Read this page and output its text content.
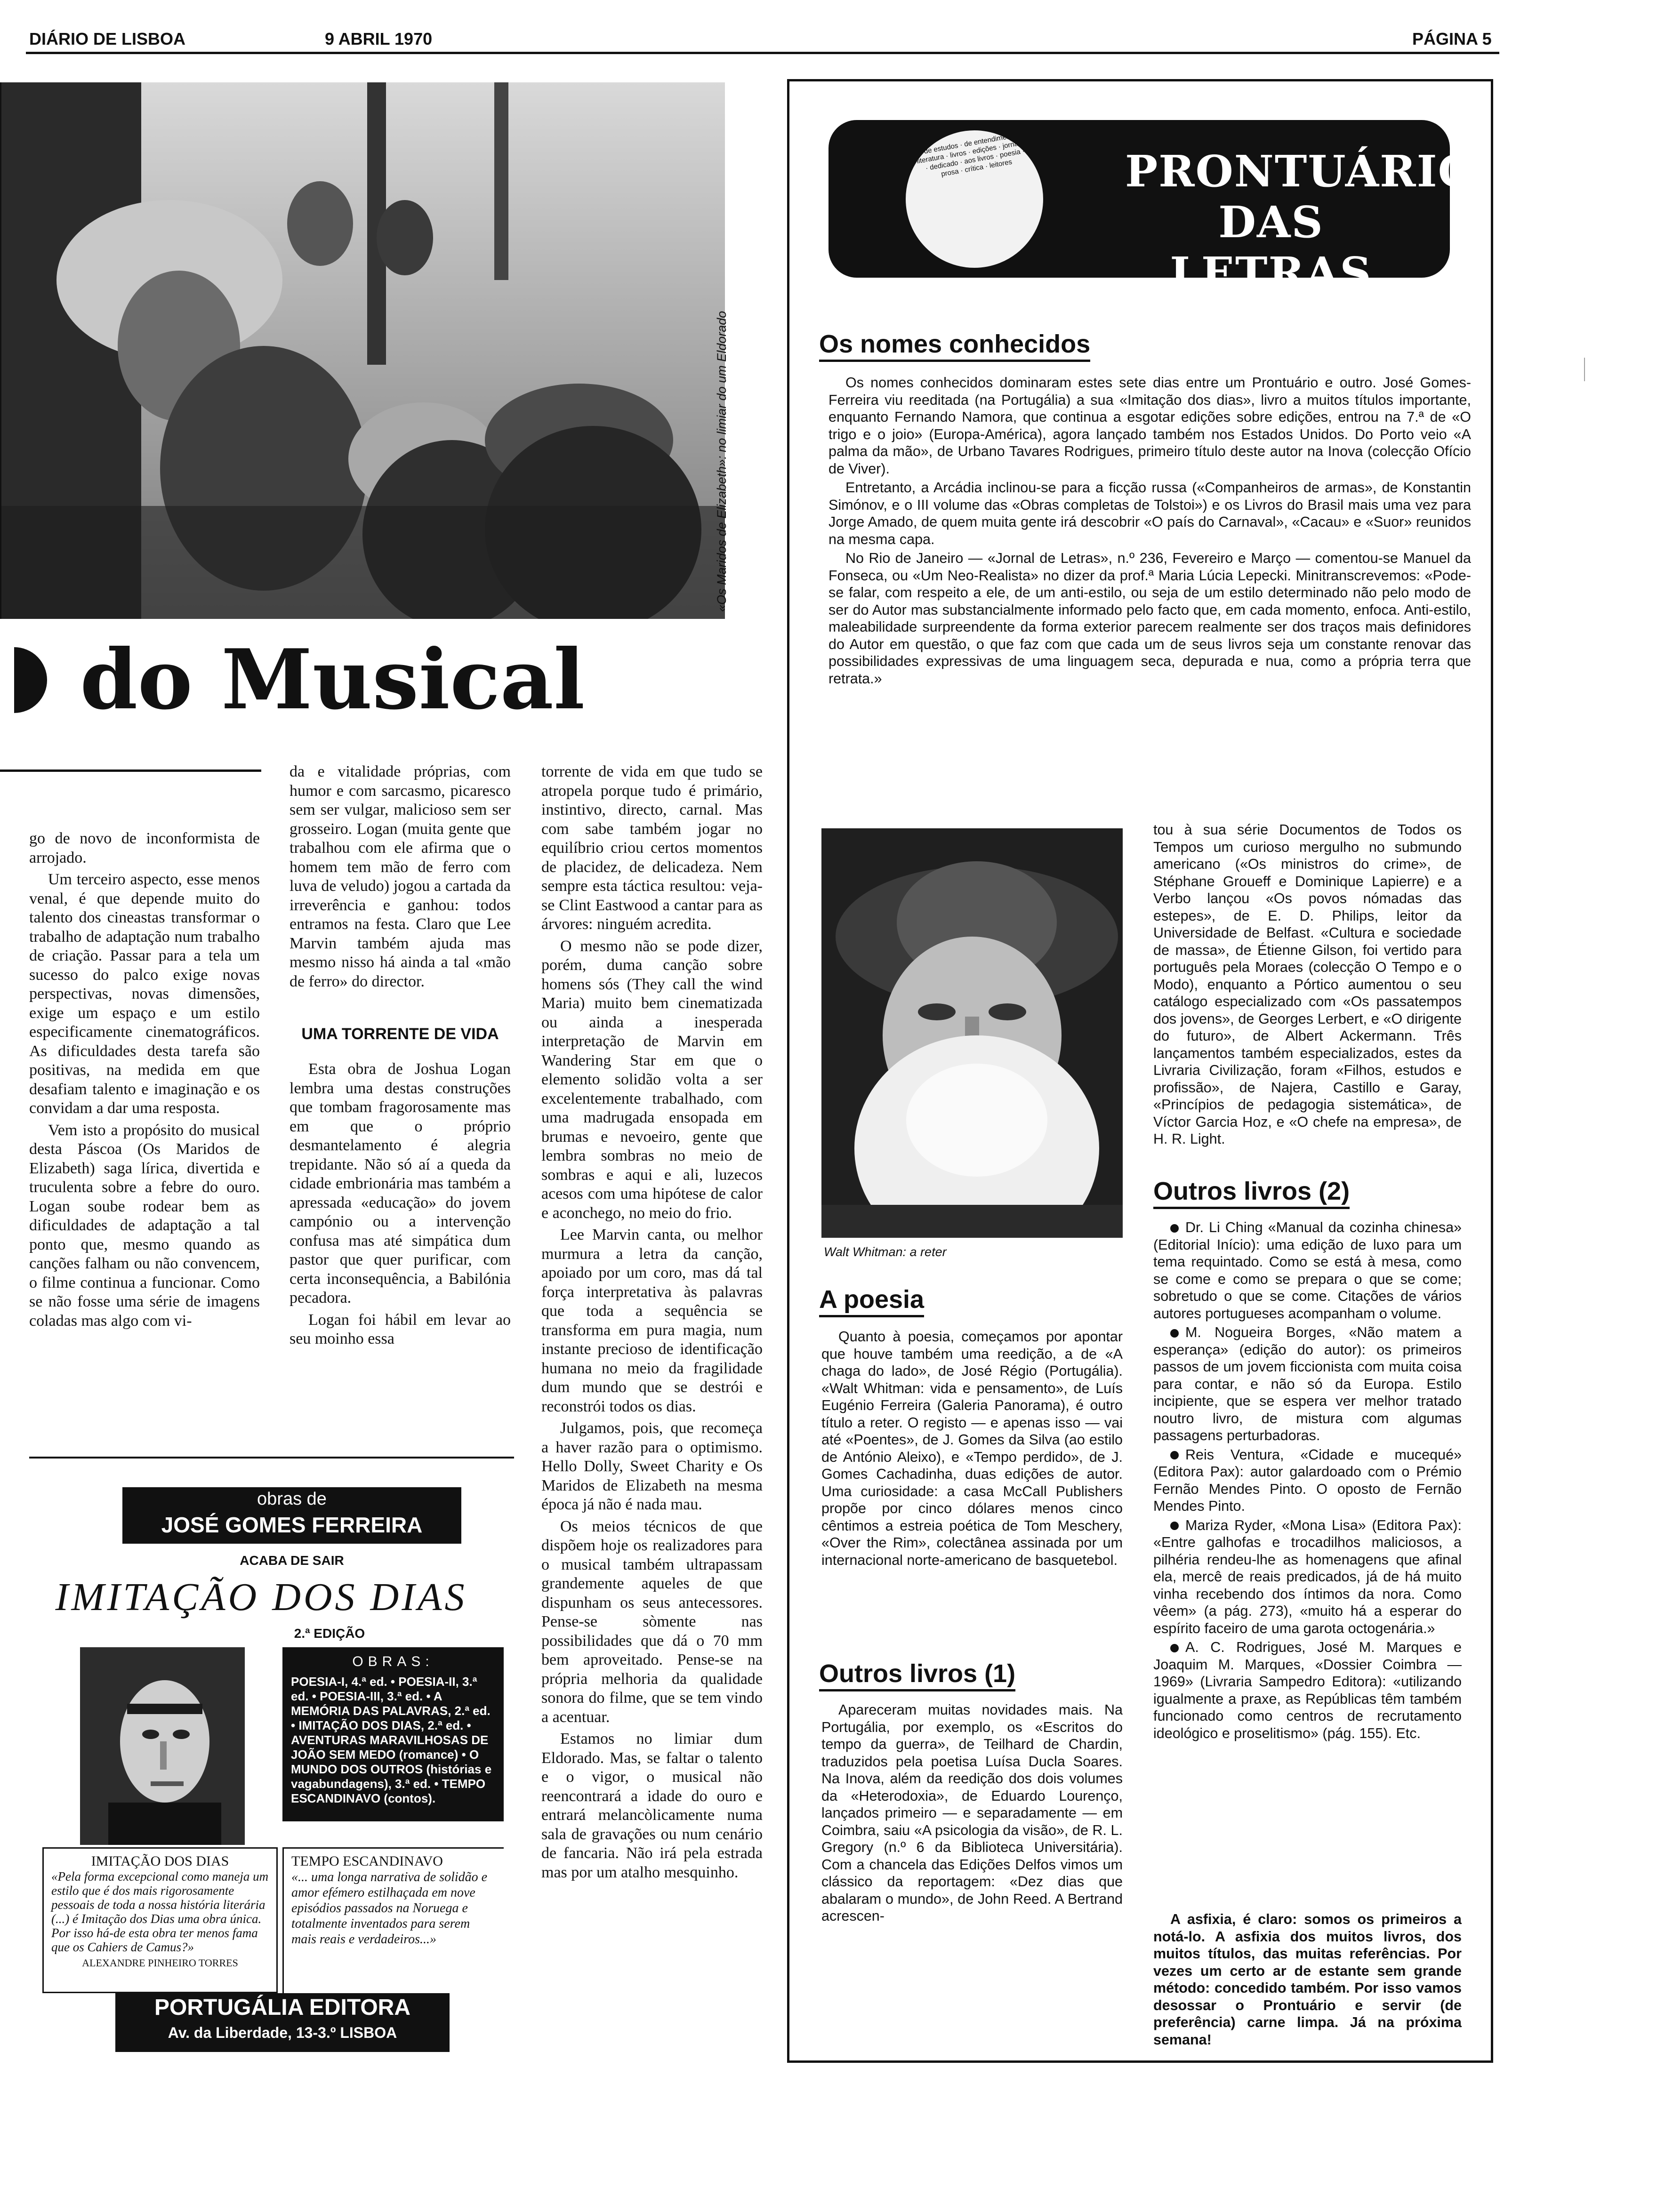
DIÁRIO DE LISBOA	9 ABRIL 1970	PÁGINA 5
«Os Maridos de Elizabeth»: no limiar do um Eldorado
do Musical

go de novo de inconformista de arrojado.

Um terceiro aspecto, esse menos venal, é que depende muito do talento dos cineastas transformar o trabalho de adaptação num trabalho de criação. Passar para a tela um sucesso do palco exige novas perspectivas, novas dimensões, exige um espaço e um estilo especificamente cinematográficos. As dificuldades desta tarefa são positivas, na medida em que desafiam talento e imaginação e os convidam a dar uma resposta.

Vem isto a propósito do musical desta Páscoa (Os Maridos de Elizabeth) saga lírica, divertida e truculenta sobre a febre do ouro. Logan soube rodear bem as dificuldades de adaptação a tal ponto que, mesmo quando as canções falham ou não convencem, o filme continua a funcionar. Como se não fosse uma série de imagens coladas mas algo com vi-

da e vitalidade próprias, com humor e com sarcasmo, picaresco sem ser vulgar, malicioso sem ser grosseiro. Logan (muita gente que trabalhou com ele afirma que o homem tem mão de ferro com luva de veludo) jogou a cartada da irreverência e ganhou: todos entramos na festa. Claro que Lee Marvin também ajuda mas mesmo nisso há ainda a tal «mão de ferro» do director.

UMA TORRENTE DE VIDA

Esta obra de Joshua Logan lembra uma destas construções que tombam fragorosamente mas em que o próprio desmantelamento é alegria trepidante. Não só aí a queda da cidade embrionária mas também a apressada «educação» do jovem campónio ou a intervenção confusa mas até simpática dum pastor que quer purificar, com certa inconsequência, a Babilónia pecadora.

Logan foi hábil em levar ao seu moinho essa

torrente de vida em que tudo se atropela porque tudo é primário, instintivo, directo, carnal. Mas com sabe também jogar no equilíbrio criou certos momentos de placidez, de delicadeza. Nem sempre esta táctica resultou: veja-se Clint Eastwood a cantar para as árvores: ninguém acredita.

O mesmo não se pode dizer, porém, duma canção sobre homens sós (They call the wind Maria) muito bem cinematizada ou ainda a inesperada interpretação de Marvin em Wandering Star em que o elemento solidão volta a ser excelentemente trabalhado, com uma madrugada ensopada em brumas e nevoeiro, gente que lembra sombras no meio de sombras e aqui e ali, luzecos acesos com uma hipótese de calor e aconchego, no meio do frio.

Lee Marvin canta, ou melhor murmura a letra da canção, apoiado por um coro, mas dá tal força interpretativa às palavras que toda a sequência se transforma em pura magia, num instante precioso de identificação humana no meio da fragilidade dum mundo que se destrói e reconstrói todos os dias.

Julgamos, pois, que recomeça a haver razão para o optimismo. Hello Dolly, Sweet Charity e Os Maridos de Elizabeth na mesma época já não é nada mau.

Os meios técnicos de que dispõem hoje os realizadores para o musical também ultrapassam grandemente aqueles de que dispunham os seus antecessores. Pense-se sòmente nas possibilidades que dá o 70 mm bem aproveitado. Pense-se na própria melhoria da qualidade sonora do filme, que se tem vindo a acentuar.

Estamos no limiar dum Eldorado. Mas, se faltar o talento e o vigor, o musical não reencontrará a idade do ouro e entrará melancòlicamente numa sala de gravações ou num cenário de fancaria. Não irá pela estrada mas por um atalho mesquinho.

obras de
JOSÉ GOMES FERREIRA
ACABA DE SAIR
IMITAÇÃO DOS DIAS
2.ª EDIÇÃO
OBRAS:
POESIA-I, 4.ª ed. • POESIA-II, 3.ª ed. • POESIA-III, 3.ª ed. • A MEMÓRIA DAS PALAVRAS, 2.ª ed. • IMITAÇÃO DOS DIAS, 2.ª ed. • AVENTURAS MARAVILHOSAS DE JOÃO SEM MEDO (romance) • O MUNDO DOS OUTROS (histórias e vagabundagens), 3.ª ed. • TEMPO ESCANDINAVO (contos).
IMITAÇÃO DOS DIAS
«Pela forma excepcional como maneja um estilo que é dos mais rigorosamente pessoais de toda a nossa história literária (...) é Imitação dos Dias uma obra única. Por isso há-de esta obra ter menos fama que os Cahiers de Camus?»
ALEXANDRE PINHEIRO TORRES
TEMPO ESCANDINAVO
«... uma longa narrativa de solidão e amor efémero estilhaçada em nove episódios passados na Noruega e totalmente inventados para serem mais reais e verdadeiros...»
PORTUGÁLIA EDITORA
Av. da Liberdade, 13-3.º LISBOA
de estudos · de entendimento · literatura · livros · edições · jornalista · dedicado · aos livros · poesia · prosa · crítica · leitores	PRONTUÁRIO
DAS LETRAS
Os nomes conhecidos

Os nomes conhecidos dominaram estes sete dias entre um Prontuário e outro. José Gomes-Ferreira viu reeditada (na Portugália) a sua «Imitação dos dias», livro a muitos títulos importante, enquanto Fernando Namora, que continua a esgotar edições sobre edições, entrou na 7.ª de «O trigo e o joio» (Europa-América), agora lançado também nos Estados Unidos. Do Porto veio «A palma da mão», de Urbano Tavares Rodrigues, primeiro título deste autor na Inova (colecção Ofício de Viver).

Entretanto, a Arcádia inclinou-se para a ficção russa («Companheiros de armas», de Konstantin Simónov, e o III volume das «Obras completas de Tolstoi») e os Livros do Brasil mais uma vez para Jorge Amado, de quem muita gente irá descobrir «O país do Carnaval», «Cacau» e «Suor» reunidos na mesma capa.

No Rio de Janeiro — «Jornal de Letras», n.º 236, Fevereiro e Março — comentou-se Manuel da Fonseca, ou «Um Neo-Realista» no dizer da prof.ª Maria Lúcia Lepecki. Minitranscrevemos: «Pode-se falar, com respeito a ele, de um anti-estilo, ou seja de um estilo determinado não pelo modo de ser do Autor mas substancialmente informado pelo facto que, em cada momento, enfoca. Anti-estilo, maleabilidade surpreendente da forma exterior parecem realmente ser dos traços mais definidores do Autor em questão, o que faz com que cada um de seus livros seja um constante renovar das possibilidades expressivas de uma linguagem seca, depurada e nua, como a própria terra que retrata.»

Walt Whitman: a reter
A poesia

Quanto à poesia, começamos por apontar que houve também uma reedição, a de «A chaga do lado», de José Régio (Portugália). «Walt Whitman: vida e pensamento», de Luís Eugénio Ferreira (Galeria Panorama), é outro título a reter. O registo — e apenas isso — vai até «Poentes», de J. Gomes da Silva (ao estilo de António Aleixo), e «Tempo perdido», de J. Gomes Cachadinha, duas edições de autor. Uma curiosidade: a casa McCall Publishers propõe por cinco dólares menos cinco cêntimos a estreia poética de Tom Meschery, «Over the Rim», colectânea assinada por um internacional norte-americano de basquetebol.

Outros livros (1)

Apareceram muitas novidades mais. Na Portugália, por exemplo, os «Escritos do tempo da guerra», de Teilhard de Chardin, traduzidos pela poetisa Luísa Ducla Soares. Na Inova, além da reedição dos dois volumes da «Heterodoxia», de Eduardo Lourenço, lançados primeiro — e separadamente — em Coimbra, saiu «A psicologia da visão», de R. L. Gregory (n.º 6 da Biblioteca Universitária). Com a chancela das Edições Delfos vimos um clássico da reportagem: «Dez dias que abalaram o mundo», de John Reed. A Bertrand acrescen-

tou à sua série Documentos de Todos os Tempos um curioso mergulho no submundo americano («Os ministros do crime», de Stéphane Groueff e Dominique Lapierre) e a Verbo lançou «Os povos nómadas das estepes», de E. D. Philips, leitor da Universidade de Belfast. «Cultura e sociedade de massa», de Étienne Gilson, foi vertido para português pela Moraes (colecção O Tempo e o Modo), enquanto a Pórtico aumentou o seu catálogo especializado com «Os passatempos dos jovens», de Georges Lerbert, e «O dirigente do futuro», de Albert Ackermann. Três lançamentos também especializados, estes da Livraria Civilização, foram «Filhos, estudos e profissão», de Najera, Castillo e Garay, «Princípios de pedagogia sistemática», de Víctor Garcia Hoz, e «O chefe na empresa», de H. R. Light.

Outros livros (2)

Dr. Li Ching «Manual da cozinha chinesa» (Editorial Início): uma edição de luxo para um tema requintado. Como se está à mesa, como se come e como se prepara o que se come; sobretudo o que se come. Citações de vários autores portugueses acompanham o volume.

M. Nogueira Borges, «Não matem a esperança» (edição do autor): os primeiros passos de um jovem ficcionista com muita coisa para contar, e não só da Europa. Estilo incipiente, que se espera ver melhor tratado noutro livro, de mistura com algumas passagens perturbadoras.

Reis Ventura, «Cidade e mucequé» (Editora Pax): autor galardoado com o Prémio Fernão Mendes Pinto. O oposto de Fernão Mendes Pinto.

Mariza Ryder, «Mona Lisa» (Editora Pax): «Entre galhofas e trocadilhos maliciosos, a pilhéria rendeu-lhe as homenagens que afinal ela, mercê de reais predicados, já de há muito vinha recebendo dos íntimos da nora. Como vêem» (a pág. 273), «muito há a esperar do espírito faceiro de uma garota octogenária.»

A. C. Rodrigues, José M. Marques e Joaquim M. Marques, «Dossier Coimbra — 1969» (Livraria Sampedro Editora): «utilizando igualmente a praxe, as Repúblicas têm também funcionado como centros de recrutamento ideológico e proselitismo» (pág. 155). Etc.

A asfixia, é claro: somos os primeiros a notá-lo. A asfixia dos muitos livros, dos muitos títulos, das muitas referências. Por vezes um certo ar de estante sem grande método: concedido também. Por isso vamos desossar o Prontuário e servir (de preferência) carne limpa. Já na próxima semana!
